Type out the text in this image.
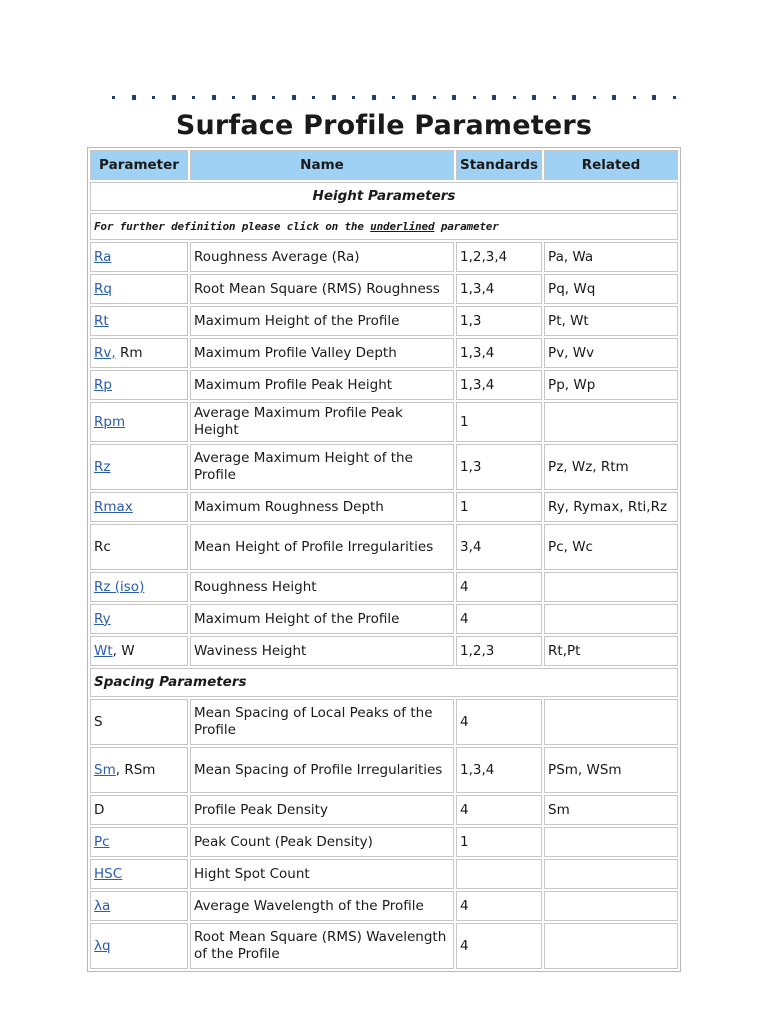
Surface Profile Parameters
Parameter	Name	Standards	Related
Height Parameters			
For further definition please click on the underlined parameter			
Ra	Roughness Average (Ra)	1,2,3,4	Pa, Wa
Rq	Root Mean Square (RMS) Roughness	1,3,4	Pq, Wq
Rt	Maximum Height of the Profile	1,3	Pt, Wt
Rv, Rm	Maximum Profile Valley Depth	1,3,4	Pv, Wv
Rp	Maximum Profile Peak Height	1,3,4	Pp, Wp
Rpm	Average Maximum Profile Peak Height	1	
Rz	Average Maximum Height of the Profile	1,3	Pz, Wz, Rtm
Rmax	Maximum Roughness Depth	1	Ry, Rymax, Rti,Rz
Rc	Mean Height of Profile Irregularities	3,4	Pc, Wc
Rz (iso)	Roughness Height	4	
Ry	Maximum Height of the Profile	4	
Wt, W	Waviness Height	1,2,3	Rt,Pt
Spacing Parameters			
S	Mean Spacing of Local Peaks of the Profile	4	
Sm, RSm	Mean Spacing of Profile Irregularities	1,3,4	PSm, WSm
D	Profile Peak Density	4	Sm
Pc	Peak Count (Peak Density)	1	
HSC	Hight Spot Count		
λa	Average Wavelength of the Profile	4	
λq	Root Mean Square (RMS) Wavelength of the Profile	4	
